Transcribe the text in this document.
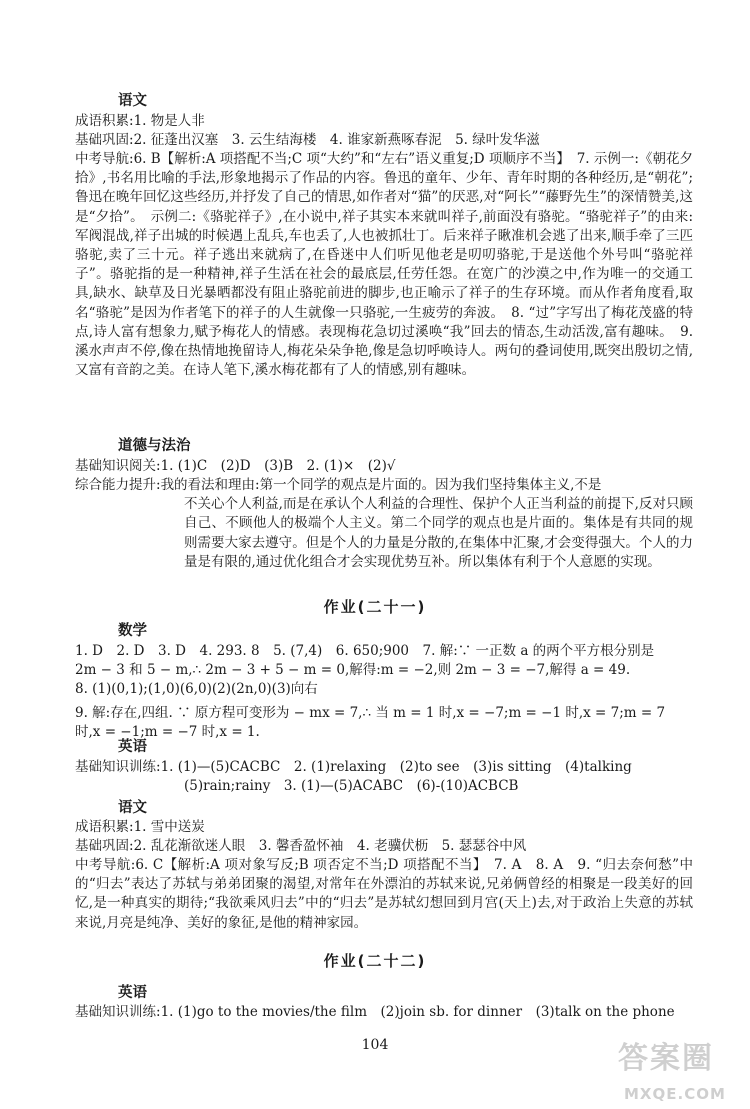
语文
成语积累:1. 物是人非
基础巩固:2. 征蓬出汉塞　3. 云生结海楼　4. 谁家新燕啄春泥　5. 绿叶发华滋
中考导航:6. B【解析:A 项搭配不当;C 项“大约”和“左右”语义重复;D 项顺序不当】　7. 示例一:《朝花夕拾》,书名用比喻的手法,形象地揭示了作品的内容。鲁迅的童年、少年、青年时期的各种经历,是“朝花”;鲁迅在晚年回忆这些经历,并抒发了自己的情思,如作者对“猫”的厌恶,对“阿长”“藤野先生”的深情赞美,这是“夕拾”。　示例二:《骆驼祥子》,在小说中,祥子其实本来就叫祥子,前面没有骆驼。“骆驼祥子”的由来:军阀混战,祥子出城的时候遇上乱兵,车也丢了,人也被抓壮丁。后来祥子瞅准机会逃了出来,顺手牵了三匹骆驼,卖了三十元。祥子逃出来就病了,在昏迷中人们听见他老是叨叨骆驼,于是送他个外号叫“骆驼祥子”。骆驼指的是一种精神,祥子生活在社会的最底层,任劳任怨。在宽广的沙漠之中,作为唯一的交通工具,缺水、缺草及日光暴晒都没有阻止骆驼前进的脚步,也正喻示了祥子的生存环境。而从作者角度看,取名“骆驼”是因为作者笔下的祥子的人生就像一只骆驼,一生疲劳的奔波。　8. “过”字写出了梅花茂盛的特点,诗人富有想象力,赋予梅花人的情感。表现梅花急切过溪唤“我”回去的情态,生动活泼,富有趣味。　9. 溪水声声不停,像在热情地挽留诗人,梅花朵朵争艳,像是急切呼唤诗人。两句的叠词使用,既突出殷切之情,又富有音韵之美。在诗人笔下,溪水梅花都有了人的情感,别有趣味。
道德与法治
基础知识阅关:1. (1)C　(2)D　(3)B　2. (1)×　(2)√
综合能力提升:我的看法和理由:第一个同学的观点是片面的。因为我们坚持集体主义,不是
不关心个人利益,而是在承认个人利益的合理性、保护个人正当利益的前提下,反对只顾自己、不顾他人的极端个人主义。第二个同学的观点也是片面的。集体是有共同的规则需要大家去遵守。但是个人的力量是分散的,在集体中汇聚,才会变得强大。个人的力量是有限的,通过优化组合才会实现优势互补。所以集体有利于个人意愿的实现。
作业(二十一)
数学
1. D　2. D　3. D　4. 293. 8　5. (7,4)　6. 650;900　7. 解:∵ 一正数 a 的两个平方根分别是
2m − 3 和 5 − m,∴ 2m − 3 + 5 − m = 0,解得:m = −2,则 2m − 3 = −7,解得 a = 49.
8. (1)(0,1);(1,0)(6,0)(2)(2n,0)(3)向右
9. 解:存在,四组. ∵ 原方程可变形为 − mx = 7,∴ 当 m = 1 时,x = −7;m = −1 时,x = 7;m = 7
时,x = −1;m = −7 时,x = 1.
英语
基础知识训练:1. (1)—(5)CACBC　2. (1)relaxing　(2)to see　(3)is sitting　(4)talking
(5)rain;rainy　3. (1)—(5)ACABC　(6)-(10)ACBCB
语文
成语积累:1. 雪中送炭
基础巩固:2. 乱花渐欲迷人眼　3. 馨香盈怀袖　4. 老骥伏枥　5. 瑟瑟谷中风
中考导航:6. C【解析:A 项对象写反;B 项否定不当;D 项搭配不当】　7. A　8. A　9. “归去奈何愁”中的“归去”表达了苏轼与弟弟团聚的渴望,对常年在外漂泊的苏轼来说,兄弟俩曾经的相聚是一段美好的回忆,是一种真实的期待;“我欲乘风归去”中的“归去”是苏轼幻想回到月宫(天上)去,对于政治上失意的苏轼来说,月亮是纯净、美好的象征,是他的精神家园。
作业(二十二)
英语
基础知识训练:1. (1)go to the movies/the film　(2)join sb. for dinner　(3)talk on the phone
104	答案圈
MXQE.COM
